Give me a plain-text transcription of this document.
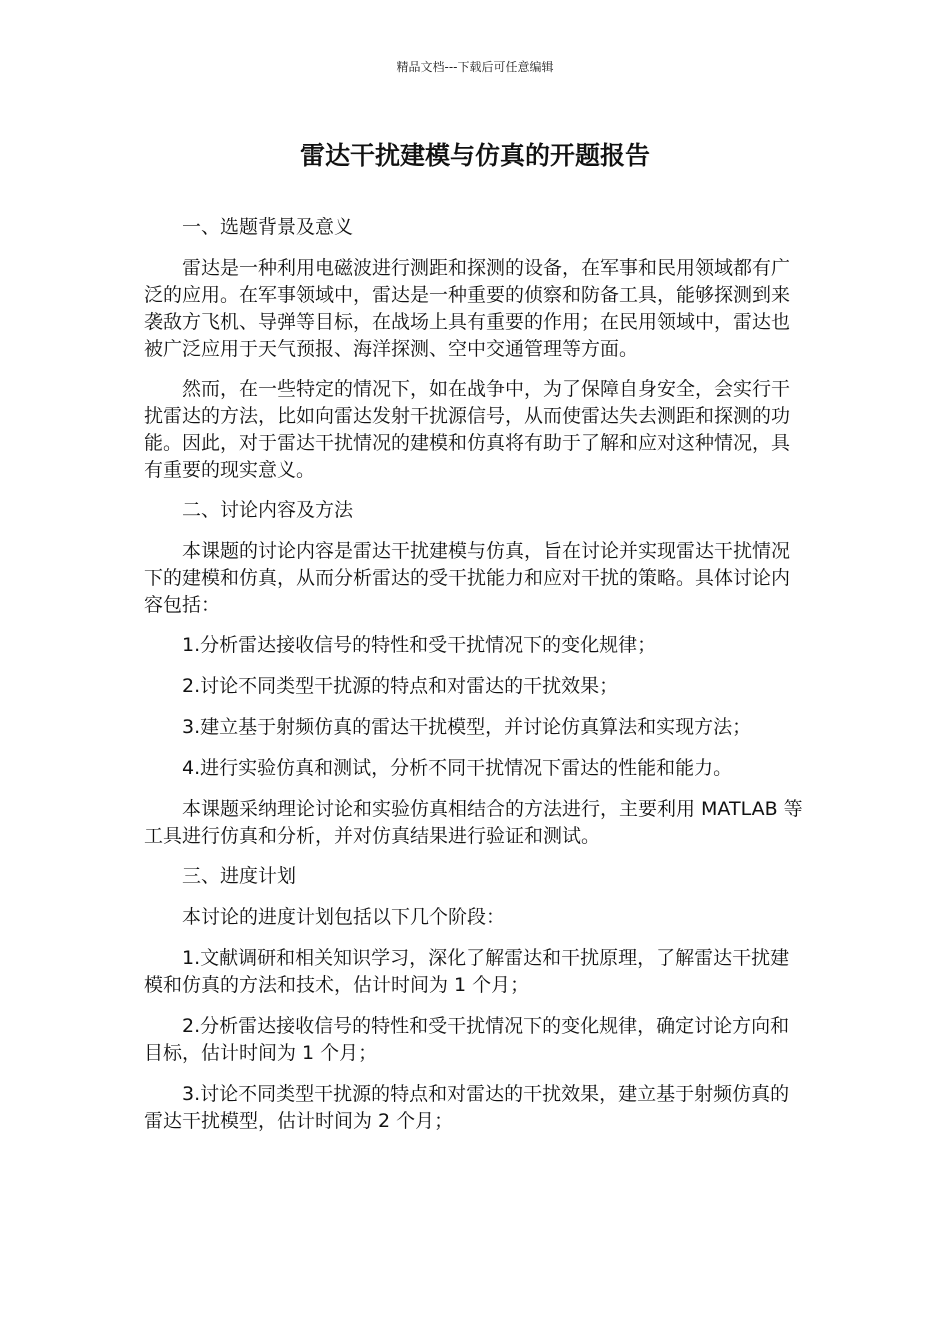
精品文档---下载后可任意编辑
雷达干扰建模与仿真的开题报告

一、选题背景及意义

雷达是一种利用电磁波进行测距和探测的设备，在军事和民用领域都有广泛的应用。在军事领域中，雷达是一种重要的侦察和防备工具，能够探测到来袭敌方飞机、导弹等目标，在战场上具有重要的作用；在民用领域中，雷达也被广泛应用于天气预报、海洋探测、空中交通管理等方面。

然而，在一些特定的情况下，如在战争中，为了保障自身安全，会实行干扰雷达的方法，比如向雷达发射干扰源信号，从而使雷达失去测距和探测的功能。因此，对于雷达干扰情况的建模和仿真将有助于了解和应对这种情况，具有重要的现实意义。

二、讨论内容及方法

本课题的讨论内容是雷达干扰建模与仿真，旨在讨论并实现雷达干扰情况下的建模和仿真，从而分析雷达的受干扰能力和应对干扰的策略。具体讨论内容包括：

1.分析雷达接收信号的特性和受干扰情况下的变化规律；

2.讨论不同类型干扰源的特点和对雷达的干扰效果；

3.建立基于射频仿真的雷达干扰模型，并讨论仿真算法和实现方法；

4.进行实验仿真和测试，分析不同干扰情况下雷达的性能和能力。

本课题采纳理论讨论和实验仿真相结合的方法进行，主要利用 MATLAB 等工具进行仿真和分析，并对仿真结果进行验证和测试。

三、进度计划

本讨论的进度计划包括以下几个阶段：

1.文献调研和相关知识学习，深化了解雷达和干扰原理，了解雷达干扰建模和仿真的方法和技术，估计时间为 1 个月；

2.分析雷达接收信号的特性和受干扰情况下的变化规律，确定讨论方向和目标，估计时间为 1 个月；

3.讨论不同类型干扰源的特点和对雷达的干扰效果，建立基于射频仿真的雷达干扰模型，估计时间为 2 个月；
